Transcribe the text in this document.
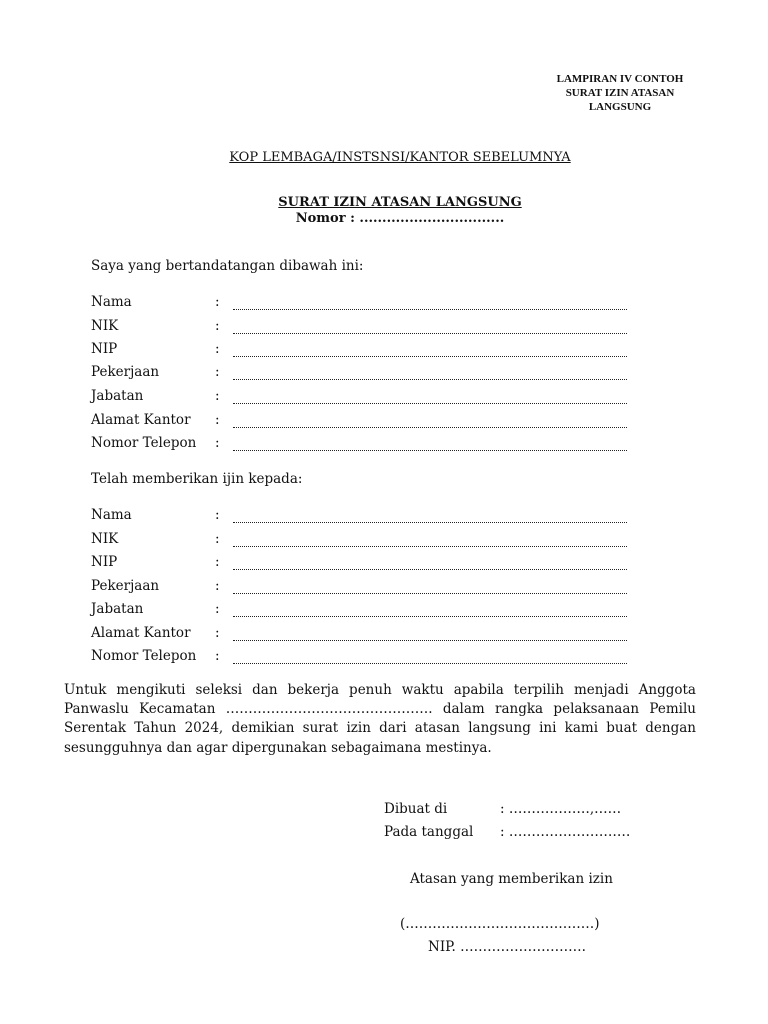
LAMPIRAN IV CONTOH
SURAT IZIN ATASAN
LANGSUNG
KOP LEMBAGA/INSTSNSI/KANTOR SEBELUMNYA
SURAT IZIN ATASAN LANGSUNG
Nomor : ................................
Saya yang bertandatangan dibawah ini:
Nama	:
NIK	:
NIP	:
Pekerjaan	:
Jabatan	:
Alamat Kantor :
Nomor Telepon :
Telah memberikan ijin kepada:
Nama	:
NIK	:
NIP	:
Pekerjaan	:
Jabatan	:
Alamat Kantor :
Nomor Telepon :
Untuk mengikuti seleksi dan bekerja penuh waktu apabila terpilih menjadi Anggota Panwaslu Kecamatan ………………………………………. dalam rangka pelaksanaan Pemilu Serentak Tahun 2024, demikian surat izin dari atasan langsung ini kami buat dengan sesungguhnya dan agar dipergunakan sebagaimana mestinya.
Dibuat di	: ………………,……
Pada tanggal : ………………………
Atasan yang memberikan izin
(……………………………………)
NIP. ……………………….
